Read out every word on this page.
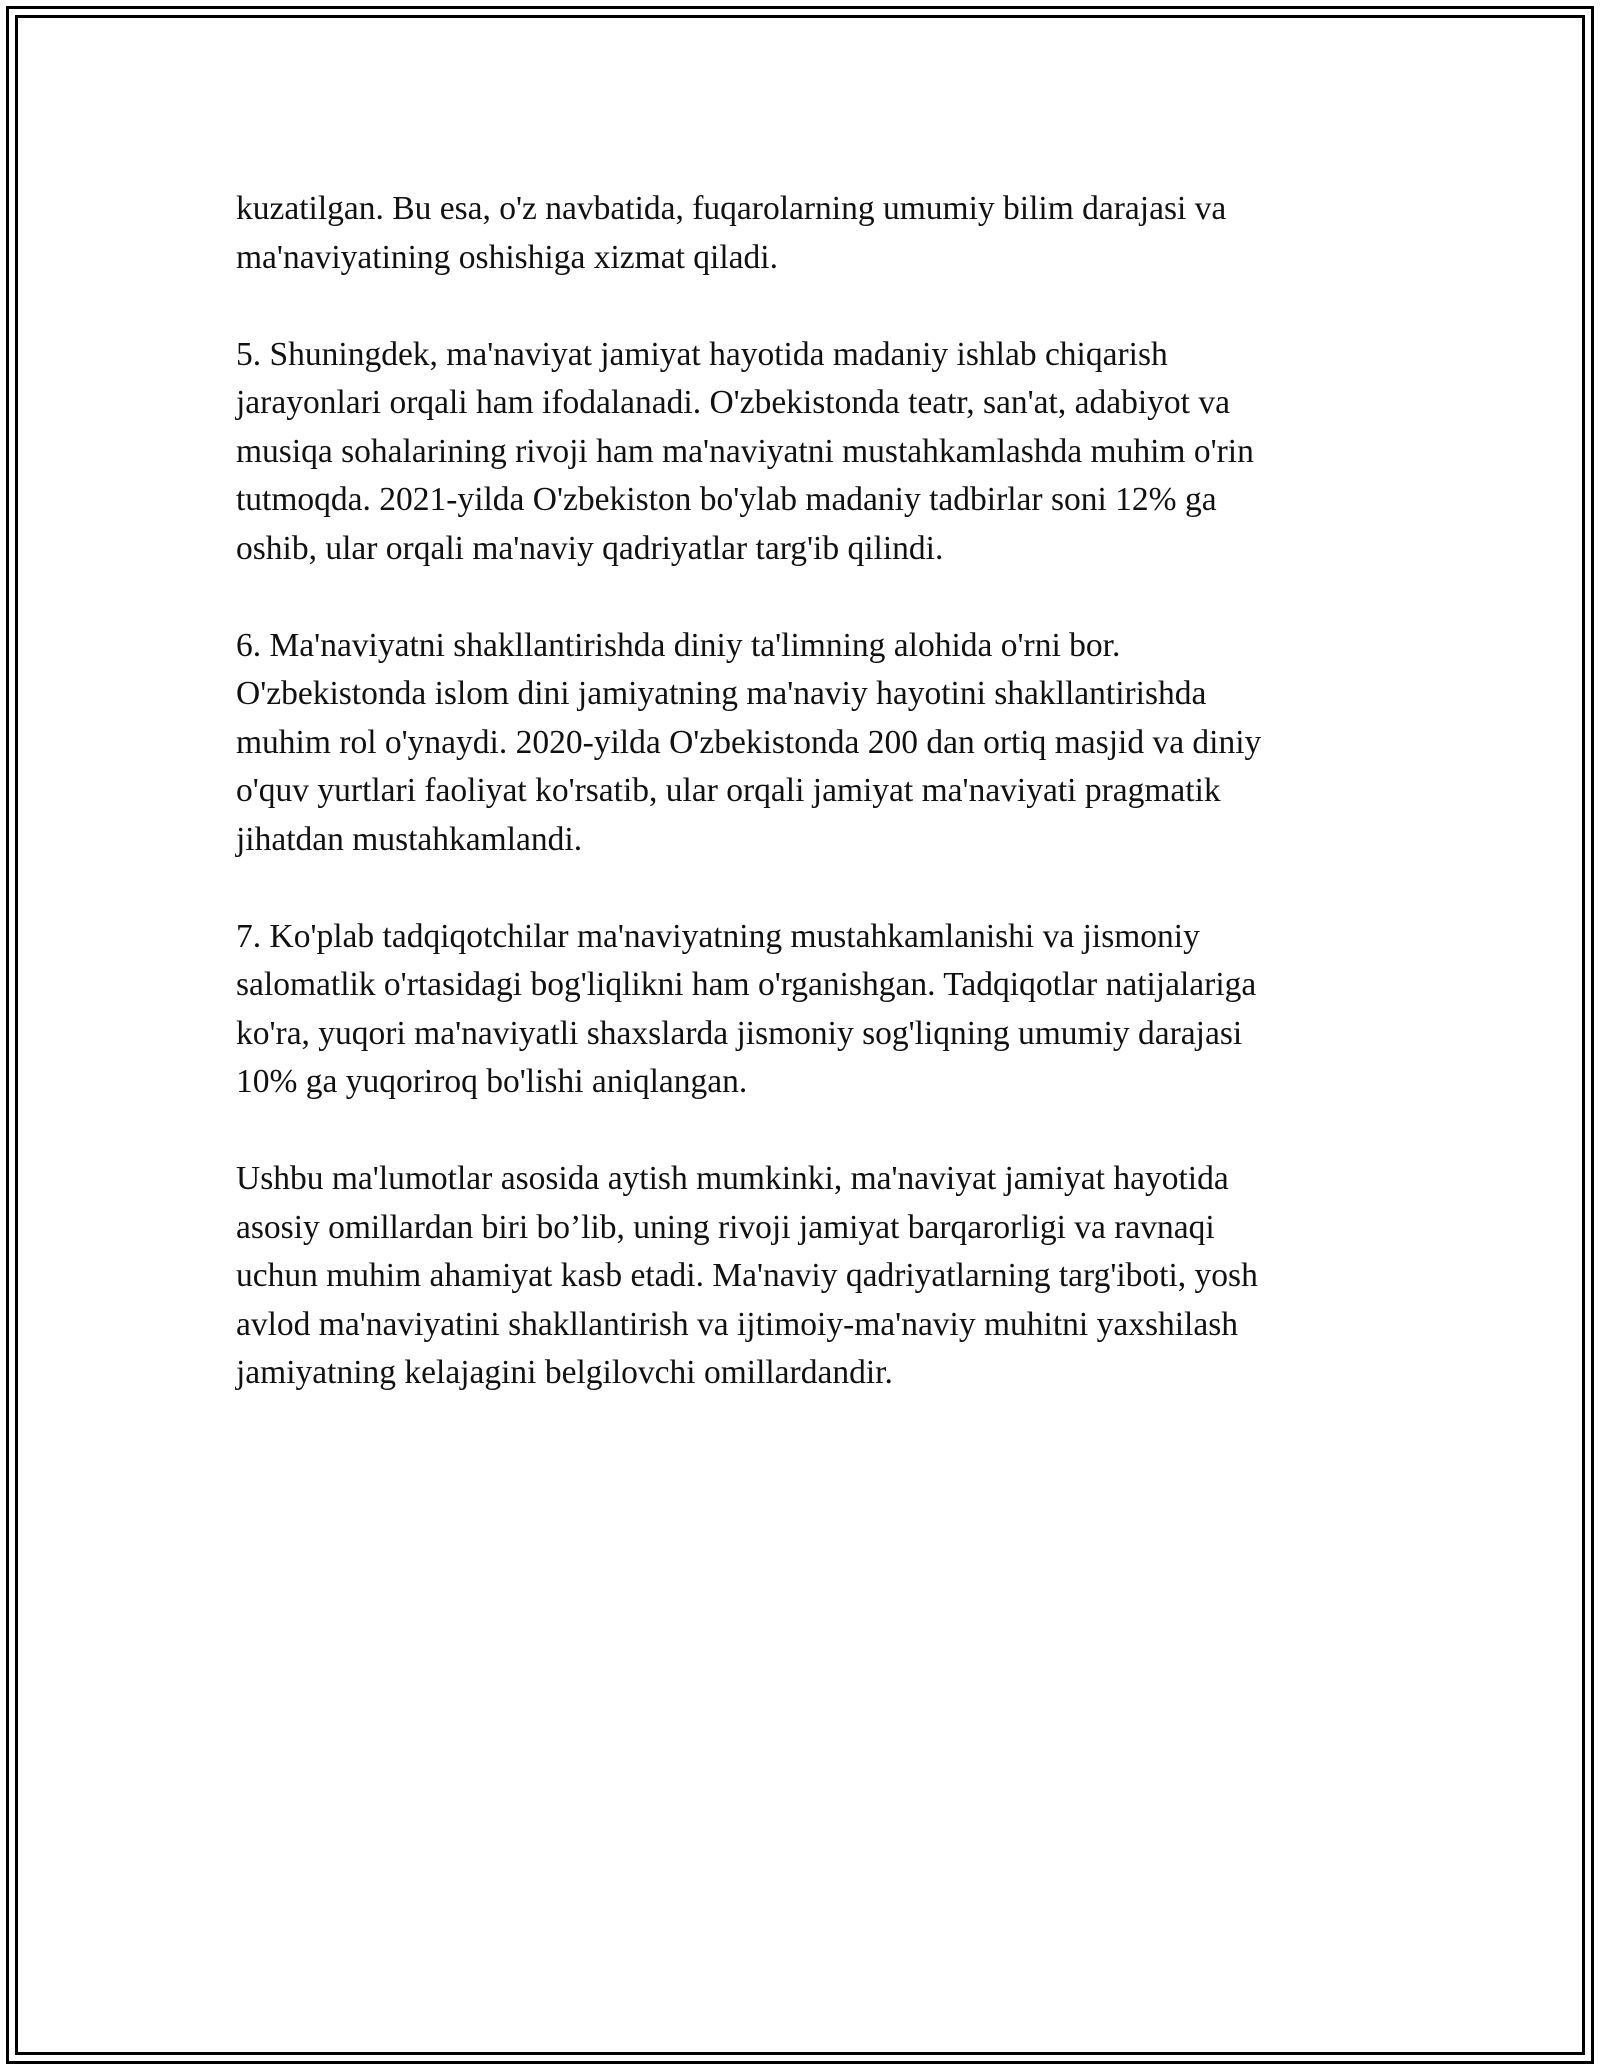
kuzatilgan. Bu esa, o'z navbatida, fuqarolarning umumiy bilim darajasi va
ma'naviyatining oshishiga xizmat qiladi.

5. Shuningdek, ma'naviyat jamiyat hayotida madaniy ishlab chiqarish
jarayonlari orqali ham ifodalanadi. O'zbekistonda teatr, san'at, adabiyot va
musiqa sohalarining rivoji ham ma'naviyatni mustahkamlashda muhim o'rin
tutmoqda. 2021-yilda O'zbekiston bo'ylab madaniy tadbirlar soni 12% ga
oshib, ular orqali ma'naviy qadriyatlar targ'ib qilindi.

6. Ma'naviyatni shakllantirishda diniy ta'limning alohida o'rni bor.
O'zbekistonda islom dini jamiyatning ma'naviy hayotini shakllantirishda
muhim rol o'ynaydi. 2020-yilda O'zbekistonda 200 dan ortiq masjid va diniy
o'quv yurtlari faoliyat ko'rsatib, ular orqali jamiyat ma'naviyati pragmatik
jihatdan mustahkamlandi.

7. Ko'plab tadqiqotchilar ma'naviyatning mustahkamlanishi va jismoniy
salomatlik o'rtasidagi bog'liqlikni ham o'rganishgan. Tadqiqotlar natijalariga
ko'ra, yuqori ma'naviyatli shaxslarda jismoniy sog'liqning umumiy darajasi
10% ga yuqoriroq bo'lishi aniqlangan.

Ushbu ma'lumotlar asosida aytish mumkinki, ma'naviyat jamiyat hayotida
asosiy omillardan biri bo’lib, uning rivoji jamiyat barqarorligi va ravnaqi
uchun muhim ahamiyat kasb etadi. Ma'naviy qadriyatlarning targ'iboti, yosh
avlod ma'naviyatini shakllantirish va ijtimoiy-ma'naviy muhitni yaxshilash
jamiyatning kelajagini belgilovchi omillardandir.
